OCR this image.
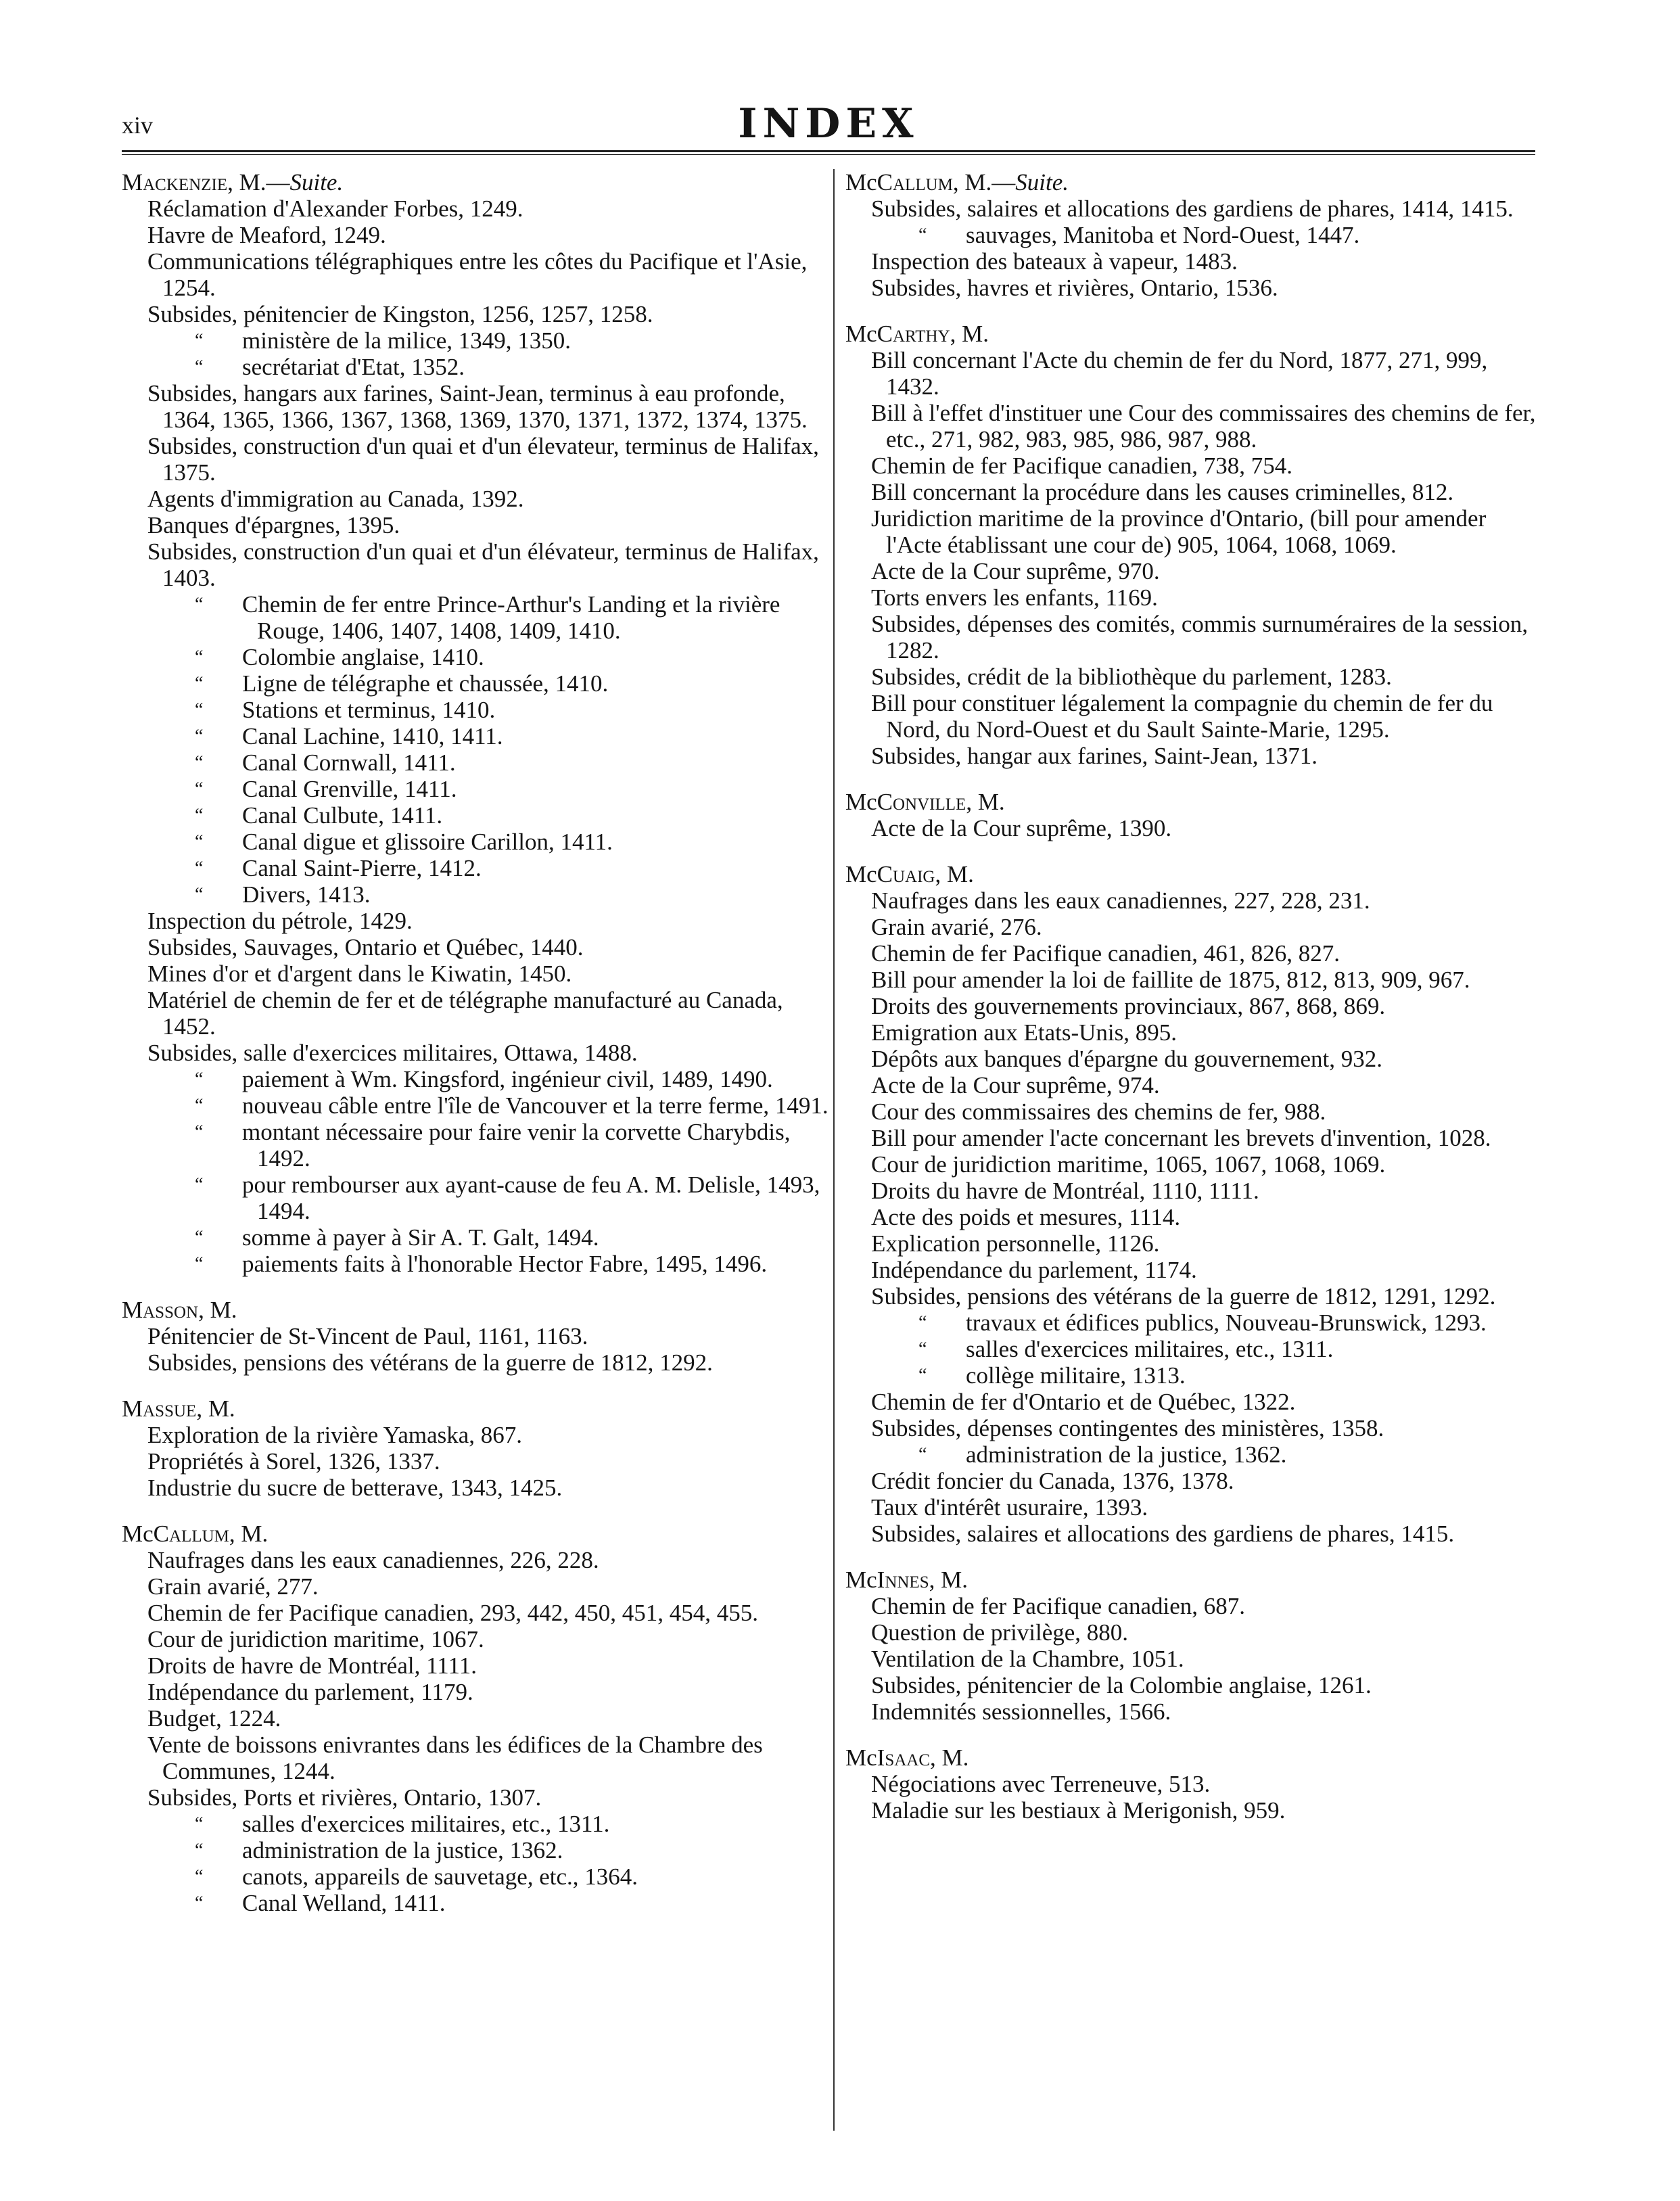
xiv	INDEX
Mackenzie, M.—Suite.
Réclamation d'Alexander Forbes, 1249.
Havre de Meaford, 1249.
Communications télégraphiques entre les côtes du Pacifique et l'Asie, 1254.
Subsides, pénitencier de Kingston, 1256, 1257, 1258.
“ ministère de la milice, 1349, 1350.
“ secrétariat d'Etat, 1352.
Subsides, hangars aux farines, Saint-Jean, terminus à eau profonde, 1364, 1365, 1366, 1367, 1368, 1369, 1370, 1371, 1372, 1374, 1375.
Subsides, construction d'un quai et d'un élevateur, terminus de Halifax, 1375.
Agents d'immigration au Canada, 1392.
Banques d'épargnes, 1395.
Subsides, construction d'un quai et d'un élévateur, terminus de Halifax, 1403.
“ Chemin de fer entre Prince-Arthur's Landing et la rivière Rouge, 1406, 1407, 1408, 1409, 1410.
“ Colombie anglaise, 1410.
“ Ligne de télégraphe et chaussée, 1410.
“ Stations et terminus, 1410.
“ Canal Lachine, 1410, 1411.
“ Canal Cornwall, 1411.
“ Canal Grenville, 1411.
“ Canal Culbute, 1411.
“ Canal digue et glissoire Carillon, 1411.
“ Canal Saint-Pierre, 1412.
“ Divers, 1413.
Inspection du pétrole, 1429.
Subsides, Sauvages, Ontario et Québec, 1440.
Mines d'or et d'argent dans le Kiwatin, 1450.
Matériel de chemin de fer et de télégraphe manufacturé au Canada, 1452.
Subsides, salle d'exercices militaires, Ottawa, 1488.
“ paiement à Wm. Kingsford, ingénieur civil, 1489, 1490.
“ nouveau câble entre l'île de Vancouver et la terre ferme, 1491.
“ montant nécessaire pour faire venir la corvette Charybdis, 1492.
“ pour rembourser aux ayant-cause de feu A. M. Delisle, 1493, 1494.
“ somme à payer à Sir A. T. Galt, 1494.
“ paiements faits à l'honorable Hector Fabre, 1495, 1496.
Masson, M.
Pénitencier de St-Vincent de Paul, 1161, 1163.
Subsides, pensions des vétérans de la guerre de 1812, 1292.
Massue, M.
Exploration de la rivière Yamaska, 867.
Propriétés à Sorel, 1326, 1337.
Industrie du sucre de betterave, 1343, 1425.
McCallum, M.
Naufrages dans les eaux canadiennes, 226, 228.
Grain avarié, 277.
Chemin de fer Pacifique canadien, 293, 442, 450, 451, 454, 455.
Cour de juridiction maritime, 1067.
Droits de havre de Montréal, 1111.
Indépendance du parlement, 1179.
Budget, 1224.
Vente de boissons enivrantes dans les édifices de la Chambre des Communes, 1244.
Subsides, Ports et rivières, Ontario, 1307.
“ salles d'exercices militaires, etc., 1311.
“ administration de la justice, 1362.
“ canots, appareils de sauvetage, etc., 1364.
“ Canal Welland, 1411.
McCallum, M.—Suite.
Subsides, salaires et allocations des gardiens de phares, 1414, 1415.
“ sauvages, Manitoba et Nord-Ouest, 1447.
Inspection des bateaux à vapeur, 1483.
Subsides, havres et rivières, Ontario, 1536.
McCarthy, M.
Bill concernant l'Acte du chemin de fer du Nord, 1877, 271, 999, 1432.
Bill à l'effet d'instituer une Cour des commissaires des chemins de fer, etc., 271, 982, 983, 985, 986, 987, 988.
Chemin de fer Pacifique canadien, 738, 754.
Bill concernant la procédure dans les causes criminelles, 812.
Juridiction maritime de la province d'Ontario, (bill pour amender l'Acte établissant une cour de) 905, 1064, 1068, 1069.
Acte de la Cour suprême, 970.
Torts envers les enfants, 1169.
Subsides, dépenses des comités, commis surnuméraires de la session, 1282.
Subsides, crédit de la bibliothèque du parlement, 1283.
Bill pour constituer légalement la compagnie du chemin de fer du Nord, du Nord-Ouest et du Sault Sainte-Marie, 1295.
Subsides, hangar aux farines, Saint-Jean, 1371.
McConville, M.
Acte de la Cour suprême, 1390.
McCuaig, M.
Naufrages dans les eaux canadiennes, 227, 228, 231.
Grain avarié, 276.
Chemin de fer Pacifique canadien, 461, 826, 827.
Bill pour amender la loi de faillite de 1875, 812, 813, 909, 967.
Droits des gouvernements provinciaux, 867, 868, 869.
Emigration aux Etats-Unis, 895.
Dépôts aux banques d'épargne du gouvernement, 932.
Acte de la Cour suprême, 974.
Cour des commissaires des chemins de fer, 988.
Bill pour amender l'acte concernant les brevets d'invention, 1028.
Cour de juridiction maritime, 1065, 1067, 1068, 1069.
Droits du havre de Montréal, 1110, 1111.
Acte des poids et mesures, 1114.
Explication personnelle, 1126.
Indépendance du parlement, 1174.
Subsides, pensions des vétérans de la guerre de 1812, 1291, 1292.
“ travaux et édifices publics, Nouveau-Brunswick, 1293.
“ salles d'exercices militaires, etc., 1311.
“ collège militaire, 1313.
Chemin de fer d'Ontario et de Québec, 1322.
Subsides, dépenses contingentes des ministères, 1358.
“ administration de la justice, 1362.
Crédit foncier du Canada, 1376, 1378.
Taux d'intérêt usuraire, 1393.
Subsides, salaires et allocations des gardiens de phares, 1415.
McInnes, M.
Chemin de fer Pacifique canadien, 687.
Question de privilège, 880.
Ventilation de la Chambre, 1051.
Subsides, pénitencier de la Colombie anglaise, 1261.
Indemnités sessionnelles, 1566.
McIsaac, M.
Négociations avec Terreneuve, 513.
Maladie sur les bestiaux à Merigonish, 959.
